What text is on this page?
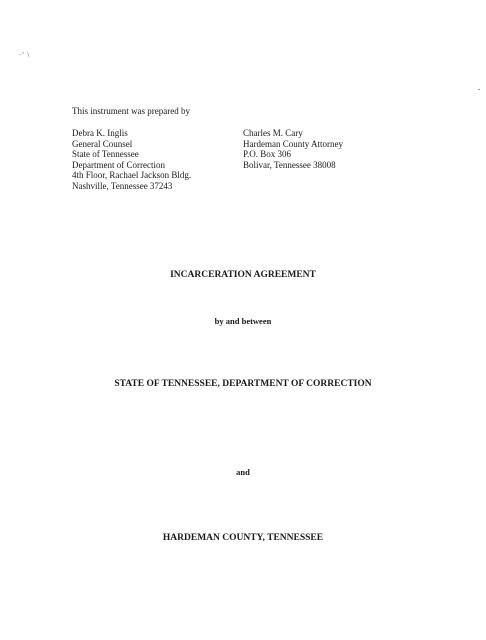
·' \
-
This instrument was prepared by
Debra K. Inglis
General Counsel
State of Tennessee
Department of Correction
4th Floor, Rachael Jackson Bldg.
Nashville, Tennessee 37243
Charles M. Cary
Hardeman County Attorney
P.O. Box 306
Bolivar, Tennessee 38008
INCARCERATION AGREEMENT
by and between
STATE OF TENNESSEE, DEPARTMENT OF CORRECTION
and
HARDEMAN COUNTY, TENNESSEE
